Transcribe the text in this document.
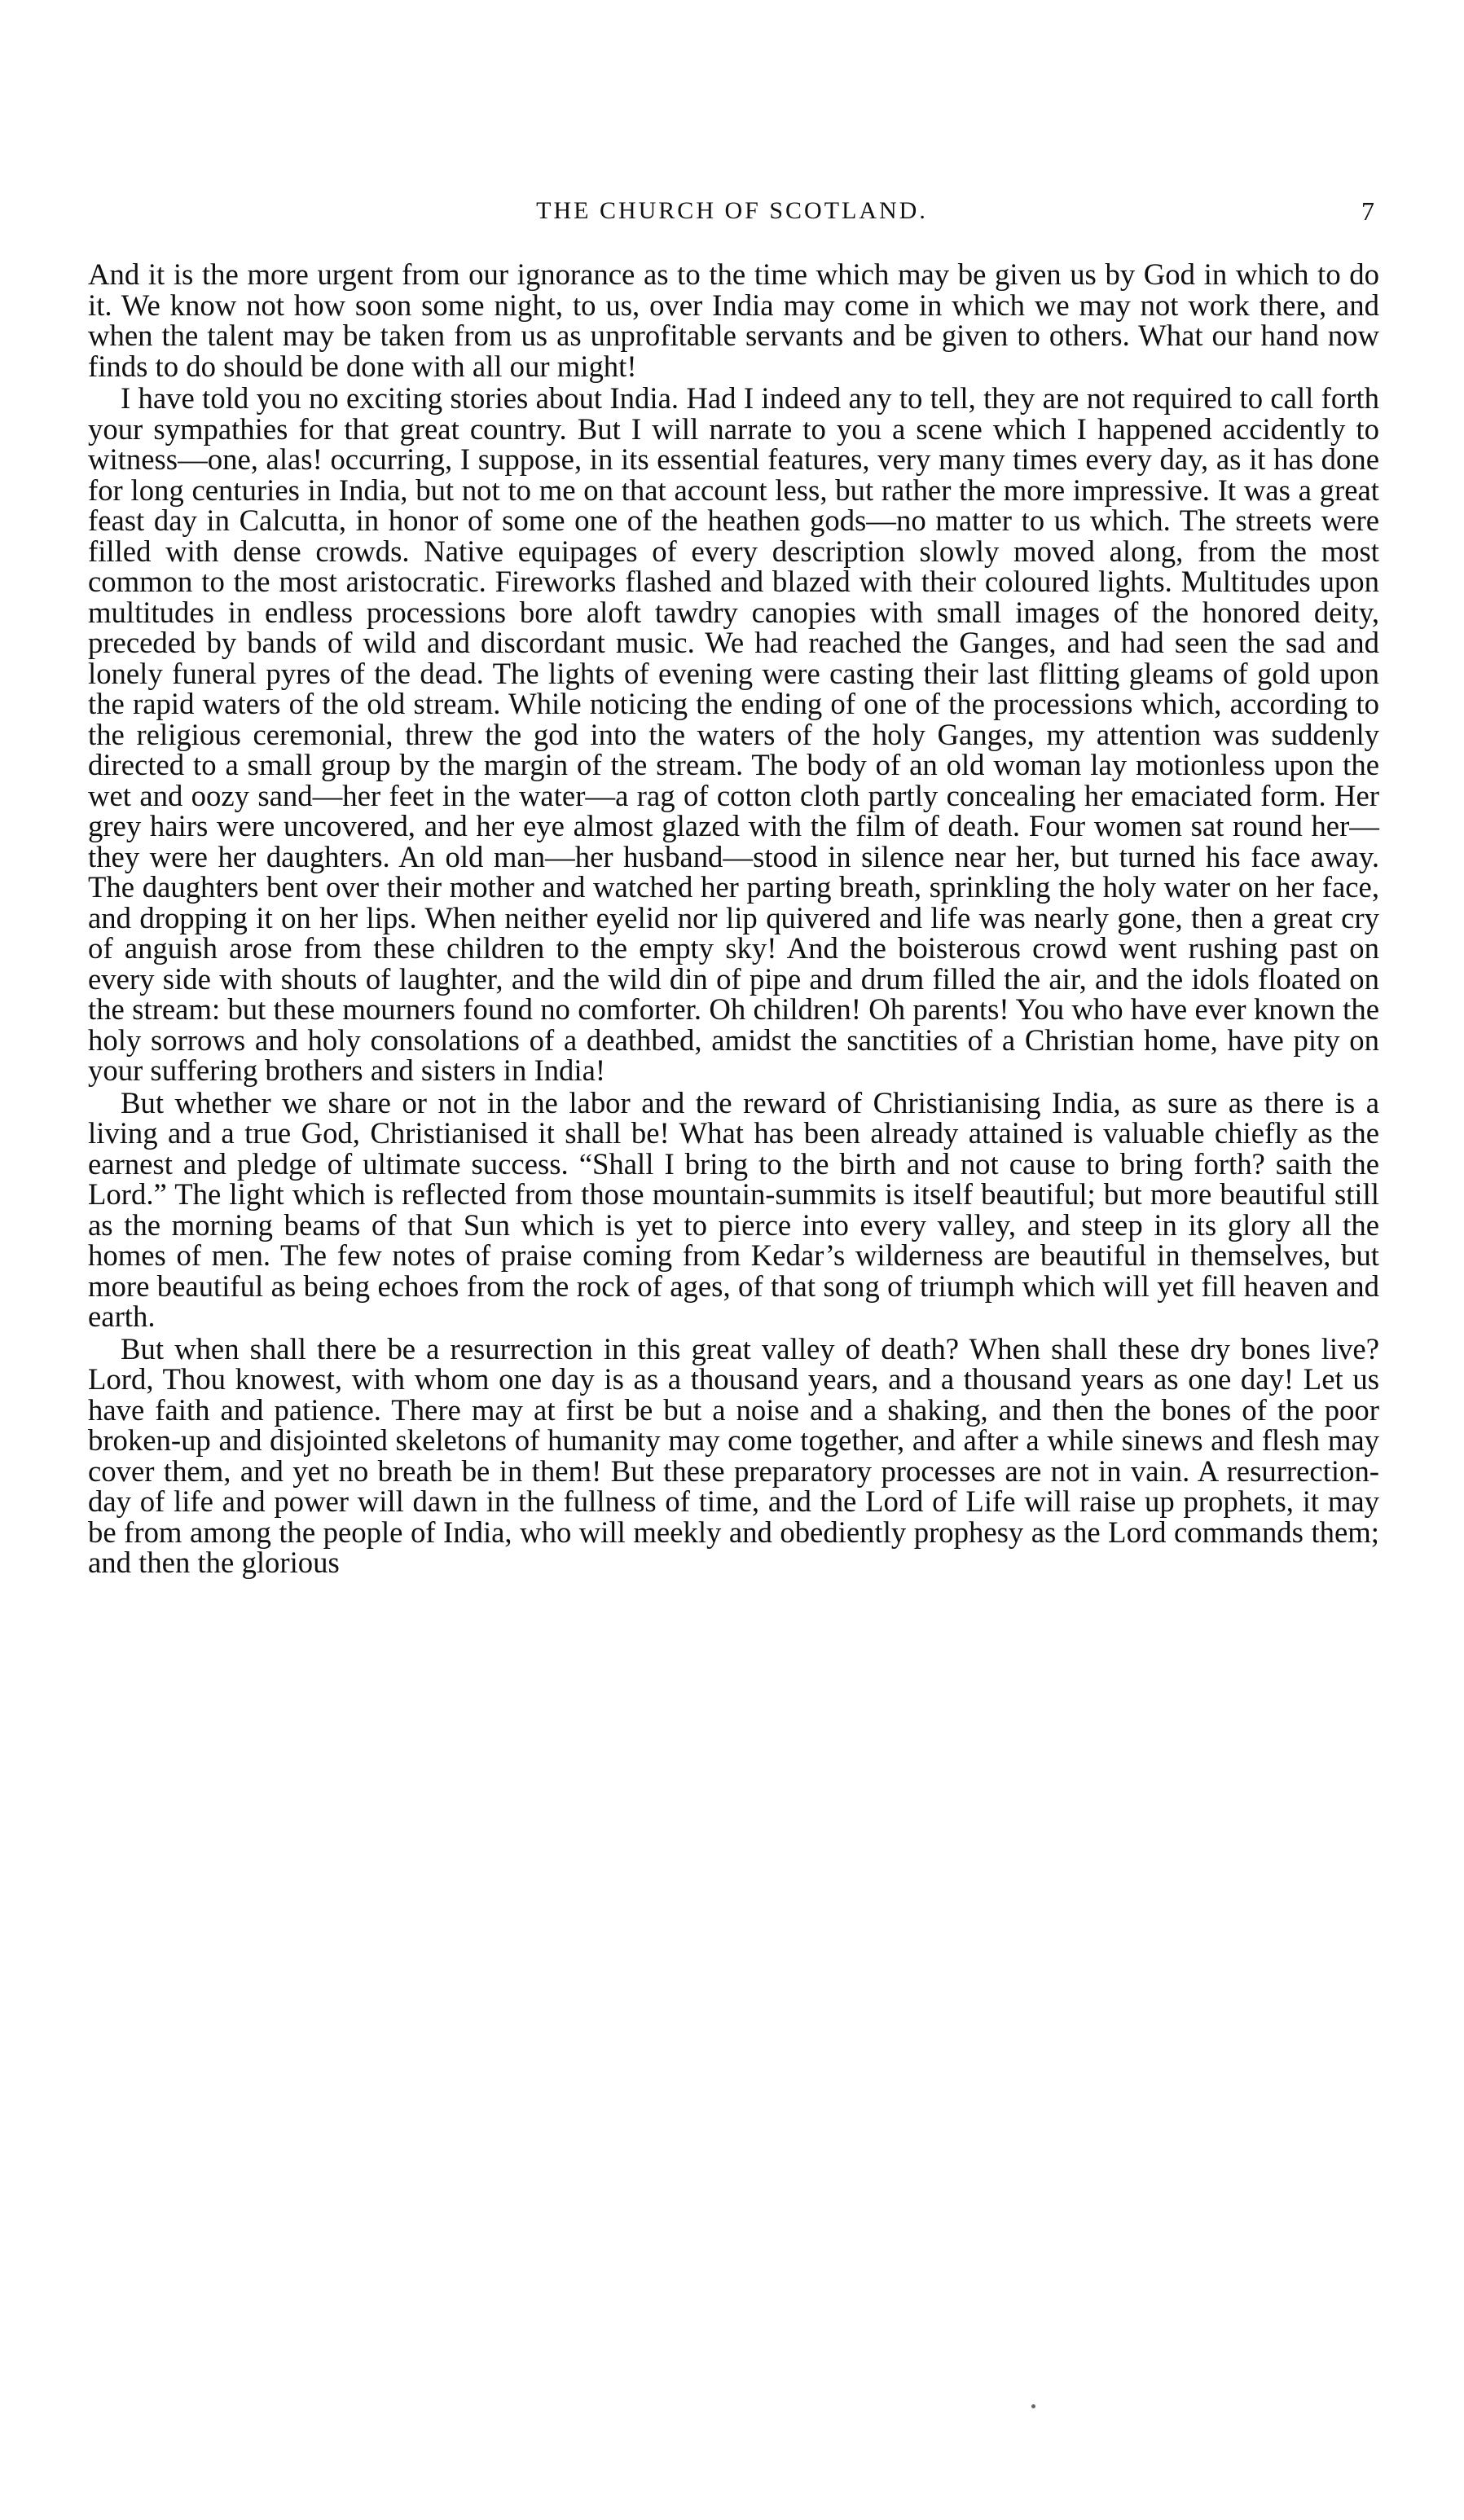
THE CHURCH OF SCOTLAND.	7

And it is the more urgent from our ignorance as to the time which may be given us by God in which to do it. We know not how soon some night, to us, over India may come in which we may not work there, and when the talent may be taken from us as unprofitable servants and be given to others. What our hand now finds to do should be done with all our might!

I have told you no exciting stories about India. Had I indeed any to tell, they are not required to call forth your sympathies for that great country. But I will narrate to you a scene which I happened accidently to witness—one, alas! occurring, I suppose, in its essential features, very many times every day, as it has done for long centuries in India, but not to me on that account less, but rather the more impressive. It was a great feast day in Calcutta, in honor of some one of the heathen gods—no matter to us which. The streets were filled with dense crowds. Native equipages of every description slowly moved along, from the most common to the most aristocratic. Fireworks flashed and blazed with their coloured lights. Multitudes upon multitudes in endless processions bore aloft tawdry canopies with small images of the honored deity, preceded by bands of wild and discordant music. We had reached the Ganges, and had seen the sad and lonely funeral pyres of the dead. The lights of evening were casting their last flitting gleams of gold upon the rapid waters of the old stream. While noticing the ending of one of the processions which, according to the religious ceremonial, threw the god into the waters of the holy Ganges, my attention was suddenly directed to a small group by the margin of the stream. The body of an old woman lay motionless upon the wet and oozy sand—her feet in the water—a rag of cotton cloth partly concealing her emaciated form. Her grey hairs were uncovered, and her eye almost glazed with the film of death. Four women sat round her—they were her daughters. An old man—her husband—stood in silence near her, but turned his face away. The daughters bent over their mother and watched her parting breath, sprinkling the holy water on her face, and dropping it on her lips. When neither eyelid nor lip quivered and life was nearly gone, then a great cry of anguish arose from these children to the empty sky! And the boisterous crowd went rushing past on every side with shouts of laughter, and the wild din of pipe and drum filled the air, and the idols floated on the stream: but these mourners found no comforter. Oh children! Oh parents! You who have ever known the holy sorrows and holy consolations of a deathbed, amidst the sanctities of a Christian home, have pity on your suffering brothers and sisters in India!

But whether we share or not in the labor and the reward of Christianising India, as sure as there is a living and a true God, Christianised it shall be! What has been already attained is valuable chiefly as the earnest and pledge of ultimate success. “Shall I bring to the birth and not cause to bring forth? saith the Lord.” The light which is reflected from those mountain-summits is itself beautiful; but more beautiful still as the morning beams of that Sun which is yet to pierce into every valley, and steep in its glory all the homes of men. The few notes of praise coming from Kedar’s wilderness are beautiful in themselves, but more beautiful as being echoes from the rock of ages, of that song of triumph which will yet fill heaven and earth.

But when shall there be a resurrection in this great valley of death? When shall these dry bones live? Lord, Thou knowest, with whom one day is as a thousand years, and a thousand years as one day! Let us have faith and patience. There may at first be but a noise and a shaking, and then the bones of the poor broken-up and disjointed skeletons of humanity may come together, and after a while sinews and flesh may cover them, and yet no breath be in them! But these preparatory processes are not in vain. A resurrection-day of life and power will dawn in the fullness of time, and the Lord of Life will raise up prophets, it may be from among the people of India, who will meekly and obediently prophesy as the Lord commands them; and then the glorious
